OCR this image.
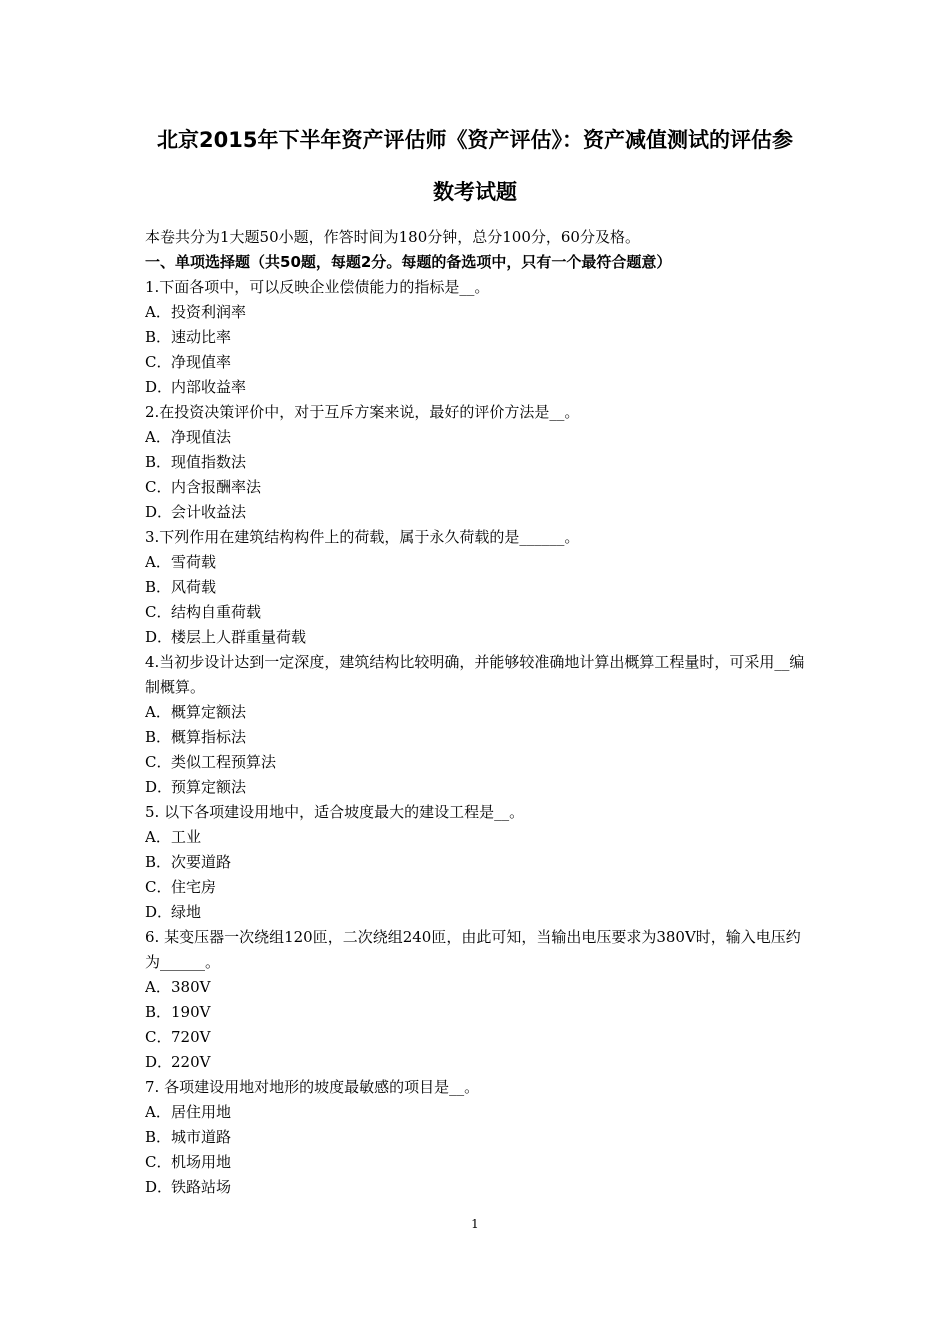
北京2015年下半年资产评估师《资产评估》：资产减值测试的评估参
数考试题
本卷共分为1大题50小题，作答时间为180分钟，总分100分，60分及格。
一、单项选择题（共50题，每题2分。每题的备选项中，只有一个最符合题意）
1.下面各项中，可以反映企业偿债能力的指标是__。
A．投资利润率
B．速动比率
C．净现值率
D．内部收益率
2.在投资决策评价中，对于互斥方案来说，最好的评价方法是__。
A．净现值法
B．现值指数法
C．内含报酬率法
D．会计收益法
3.下列作用在建筑结构构件上的荷载，属于永久荷载的是______。
A．雪荷载
B．风荷载
C．结构自重荷载
D．楼层上人群重量荷载
4.当初步设计达到一定深度，建筑结构比较明确，并能够较准确地计算出概算工程量时，可采用__编制概算。
A．概算定额法
B．概算指标法
C．类似工程预算法
D．预算定额法
5. 以下各项建设用地中，适合坡度最大的建设工程是__。
A．工业
B．次要道路
C．住宅房
D．绿地
6. 某变压器一次绕组120匝，二次绕组240匝，由此可知，当输出电压要求为380V时，输入电压约为______。
A．380V
B．190V
C．720V
D．220V
7. 各项建设用地对地形的坡度最敏感的项目是__。
A．居住用地
B．城市道路
C．机场用地
D．铁路站场
1
